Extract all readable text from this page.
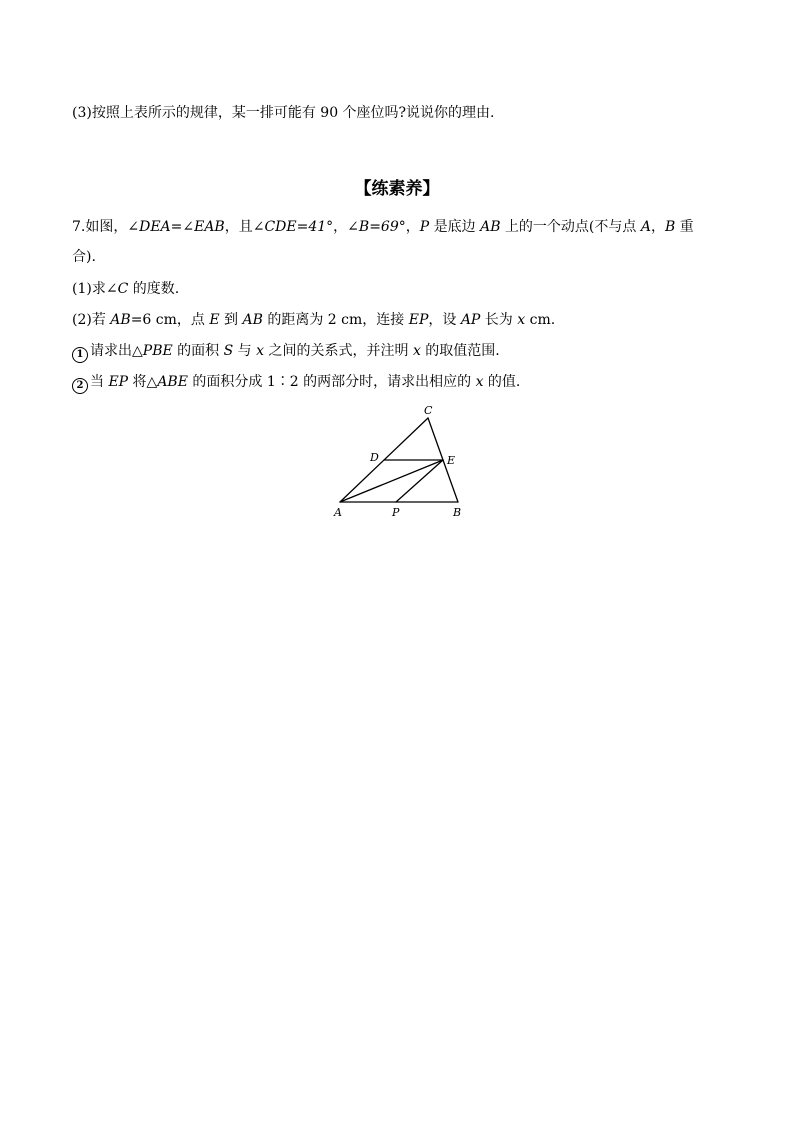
(3)按照上表所示的规律，某一排可能有 90 个座位吗?说说你的理由.
【练素养】
7.如图，∠DEA=∠EAB，且∠CDE=41°，∠B=69°，P 是底边 AB 上的一个动点(不与点 A，B 重
合).
(1)求∠C 的度数.
(2)若 AB=6 cm，点 E 到 AB 的距离为 2 cm，连接 EP，设 AP 长为 x cm.
1 请求出△PBE 的面积 S 与 x 之间的关系式，并注明 x 的取值范围.
2 当 EP 将△ABE 的面积分成 1∶2 的两部分时，请求出相应的 x 的值.
C
D	E
A	P	B
